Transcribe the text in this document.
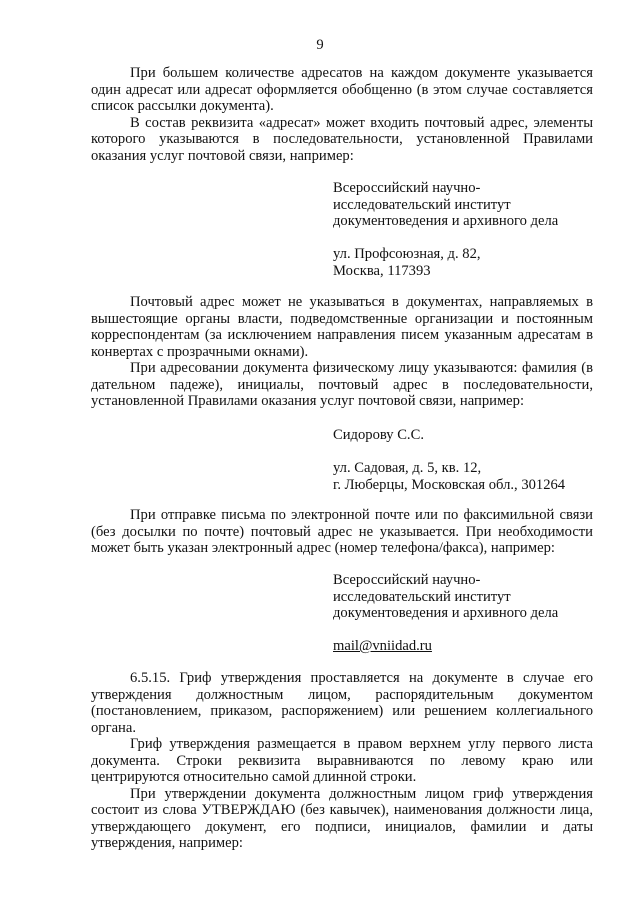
9

При большем количестве адресатов на каждом документе указывается один адресат или адресат оформляется обобщенно (в этом случае составляется список рассылки документа).

В состав реквизита «адресат» может входить почтовый адрес, элементы которого указываются в последовательности, установленной Правилами оказания услуг почтовой связи, например:

Всероссийский научно-
исследовательский институт
документоведения и архивного дела
ул. Профсоюзная, д. 82,
Москва, 117393

Почтовый адрес может не указываться в документах, направляемых в вышестоящие органы власти, подведомственные организации и постоянным корреспондентам (за исключением направления писем указанным адресатам в конвертах с прозрачными окнами).

При адресовании документа физическому лицу указываются: фамилия (в дательном падеже), инициалы, почтовый адрес в последовательности, установленной Правилами оказания услуг почтовой связи, например:

Сидорову С.С.
ул. Садовая, д. 5, кв. 12,
г. Люберцы, Московская обл., 301264

При отправке письма по электронной почте или по факсимильной связи (без досылки по почте) почтовый адрес не указывается. При необходимости может быть указан электронный адрес (номер телефона/факса), например:

Всероссийский научно-
исследовательский институт
документоведения и архивного дела
mail@vniidad.ru

6.5.15. Гриф утверждения проставляется на документе в случае его утверждения должностным лицом, распорядительным документом (постановлением, приказом, распоряжением) или решением коллегиального органа.

Гриф утверждения размещается в правом верхнем углу первого листа документа. Строки реквизита выравниваются по левому краю или центрируются относительно самой длинной строки.

При утверждении документа должностным лицом гриф утверждения состоит из слова УТВЕРЖДАЮ (без кавычек), наименования должности лица, утверждающего документ, его подписи, инициалов, фамилии и даты утверждения, например:
